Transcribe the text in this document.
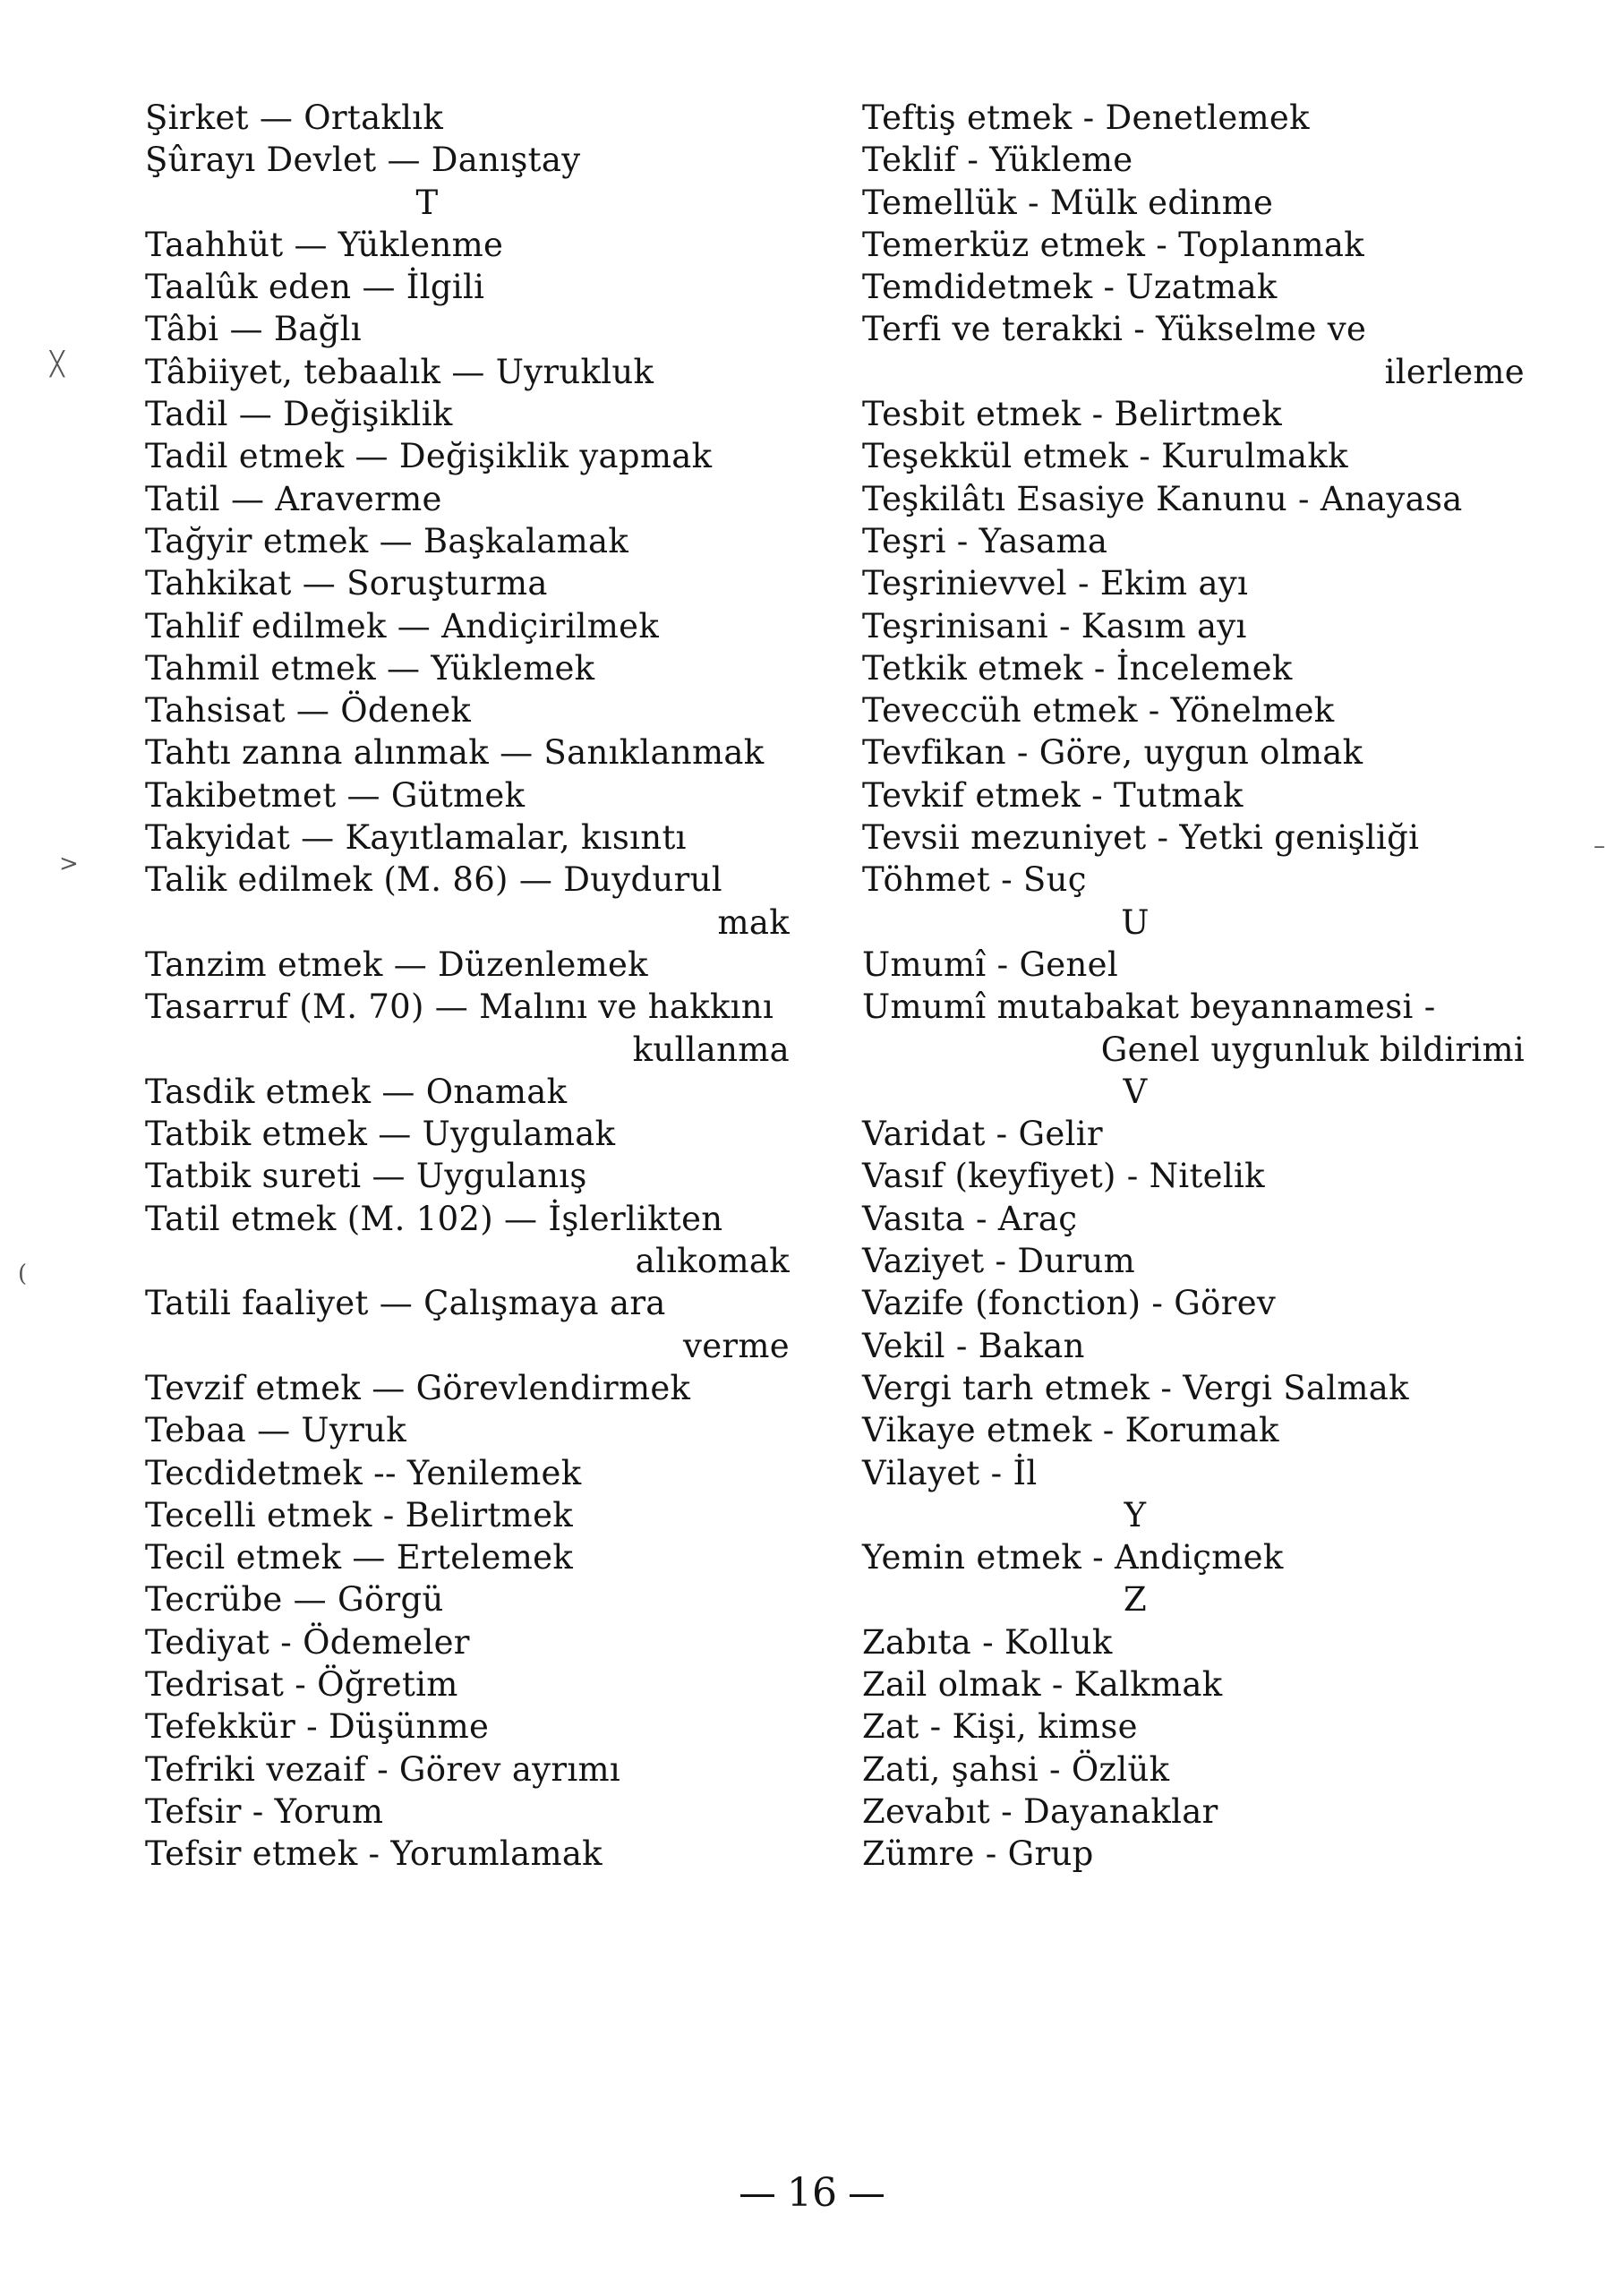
Şirket — Ortaklık
Şûrayı Devlet — Danıştay
T
Taahhüt — Yüklenme
Taalûk eden — İlgili
Tâbi — Bağlı
Tâbiiyet, tebaalık — Uyrukluk
Tadil — Değişiklik
Tadil etmek — Değişiklik yapmak
Tatil — Araverme
Tağyir etmek — Başkalamak
Tahkikat — Soruşturma
Tahlif edilmek — Andiçirilmek
Tahmil etmek — Yüklemek
Tahsisat — Ödenek
Tahtı zanna alınmak — Sanıklanmak
Takibetmet — Gütmek
Takyidat — Kayıtlamalar, kısıntı
Talik edilmek (M. 86) — Duydurul
mak
Tanzim etmek — Düzenlemek
Tasarruf (M. 70) — Malını ve hakkını
kullanma
Tasdik etmek — Onamak
Tatbik etmek — Uygulamak
Tatbik sureti — Uygulanış
Tatil etmek (M. 102) — İşlerlikten
alıkomak
Tatili faaliyet — Çalışmaya ara
verme
Tevzif etmek — Görevlendirmek
Tebaa — Uyruk
Tecdidetmek -- Yenilemek
Tecelli etmek - Belirtmek
Tecil etmek — Ertelemek
Tecrübe — Görgü
Tediyat - Ödemeler
Tedrisat - Öğretim
Tefekkür - Düşünme
Tefriki vezaif - Görev ayrımı
Tefsir - Yorum
Tefsir etmek - Yorumlamak
Teftiş etmek - Denetlemek
Teklif - Yükleme
Temellük - Mülk edinme
Temerküz etmek - Toplanmak
Temdidetmek - Uzatmak
Terfi ve terakki - Yükselme ve
ilerleme
Tesbit etmek - Belirtmek
Teşekkül etmek - Kurulmakk
Teşkilâtı Esasiye Kanunu - Anayasa
Teşri - Yasama
Teşrinievvel - Ekim ayı
Teşrinisani - Kasım ayı
Tetkik etmek - İncelemek
Teveccüh etmek - Yönelmek
Tevfikan - Göre, uygun olmak
Tevkif etmek - Tutmak
Tevsii mezuniyet - Yetki genişliği
Töhmet - Suç
U
Umumî - Genel
Umumî mutabakat beyannamesi -
Genel uygunluk bildirimi
V
Varidat - Gelir
Vasıf (keyfiyet) - Nitelik
Vasıta - Araç
Vaziyet - Durum
Vazife (fonction) - Görev
Vekil - Bakan
Vergi tarh etmek - Vergi Salmak
Vikaye etmek - Korumak
Vilayet - İl
Y
Yemin etmek - Andiçmek
Z
Zabıta - Kolluk
Zail olmak - Kalkmak
Zat - Kişi, kimse
Zati, şahsi - Özlük
Zevabıt - Dayanaklar
Zümre - Grup
16
╳
>
–
(
